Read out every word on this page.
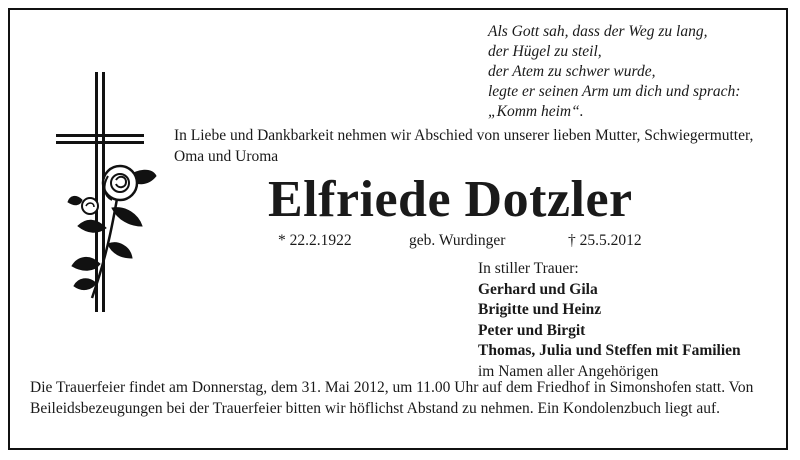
Als Gott sah, dass der Weg zu lang,
der Hügel zu steil,
der Atem zu schwer wurde,
legte er seinen Arm um dich und sprach:
„Komm heim“.
In Liebe und Dankbarkeit nehmen wir Abschied von unserer lieben Mutter, Schwiegermutter, Oma und Uroma
Elfriede Dotzler
* 22.2.1922	geb. Wurdinger	† 25.5.2012
In stiller Trauer:
Gerhard und Gila
Brigitte und Heinz
Peter und Birgit
Thomas, Julia und Steffen mit Familien
im Namen aller Angehörigen
Die Trauerfeier findet am Donnerstag, dem 31. Mai 2012, um 11.00 Uhr auf dem Friedhof in Simonshofen statt. Von Beileidsbezeugungen bei der Trauerfeier bitten wir höflichst Abstand zu nehmen. Ein Kondolenzbuch liegt auf.
